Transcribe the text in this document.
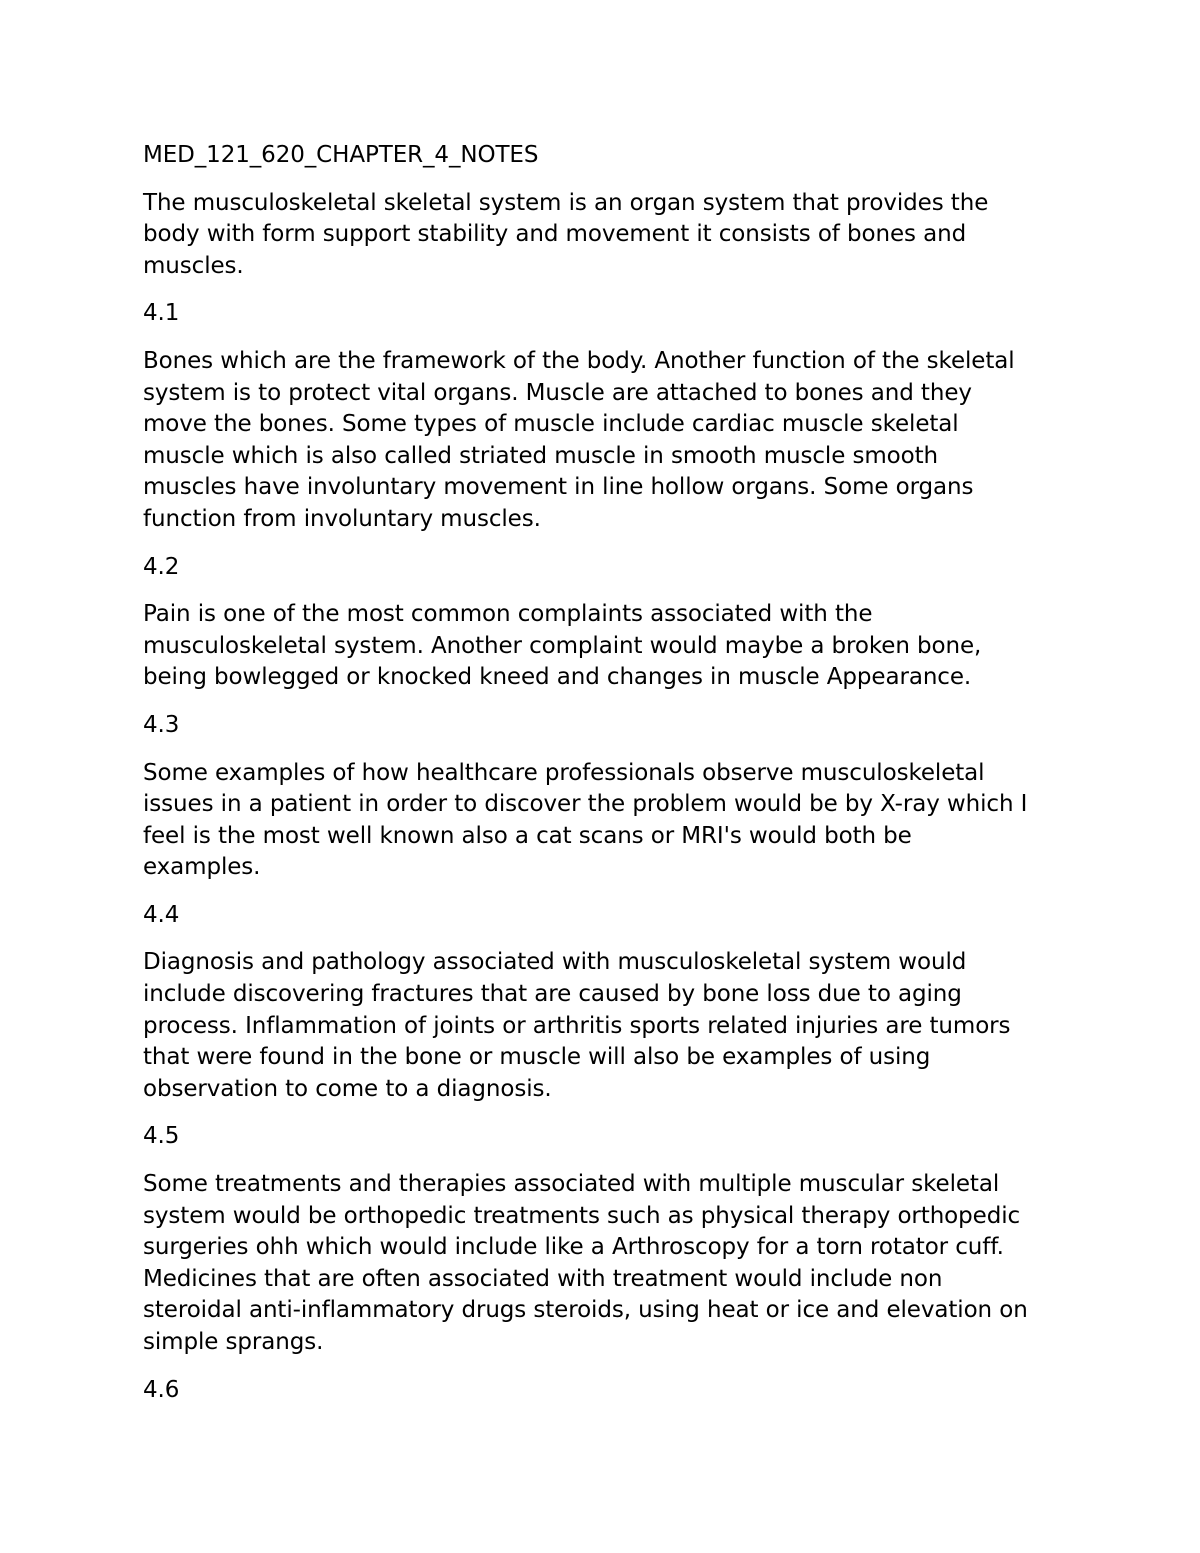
MED_121_620_CHAPTER_4_NOTES
The musculoskeletal skeletal system is an organ system that provides the
body with form support stability and movement it consists of bones and
muscles.
4.1
Bones which are the framework of the body. Another function of the skeletal
system is to protect vital organs. Muscle are attached to bones and they
move the bones. Some types of muscle include cardiac muscle skeletal
muscle which is also called striated muscle in smooth muscle smooth
muscles have involuntary movement in line hollow organs. Some organs
function from involuntary muscles.
4.2
Pain is one of the most common complaints associated with the
musculoskeletal system. Another complaint would maybe a broken bone,
being bowlegged or knocked kneed and changes in muscle Appearance.
4.3
Some examples of how healthcare professionals observe musculoskeletal
issues in a patient in order to discover the problem would be by X-ray which I
feel is the most well known also a cat scans or MRI's would both be
examples.
4.4
Diagnosis and pathology associated with musculoskeletal system would
include discovering fractures that are caused by bone loss due to aging
process. Inflammation of joints or arthritis sports related injuries are tumors
that were found in the bone or muscle will also be examples of using
observation to come to a diagnosis.
4.5
Some treatments and therapies associated with multiple muscular skeletal
system would be orthopedic treatments such as physical therapy orthopedic
surgeries ohh which would include like a Arthroscopy for a torn rotator cuff.
Medicines that are often associated with treatment would include non
steroidal anti-inflammatory drugs steroids, using heat or ice and elevation on
simple sprangs.
4.6
